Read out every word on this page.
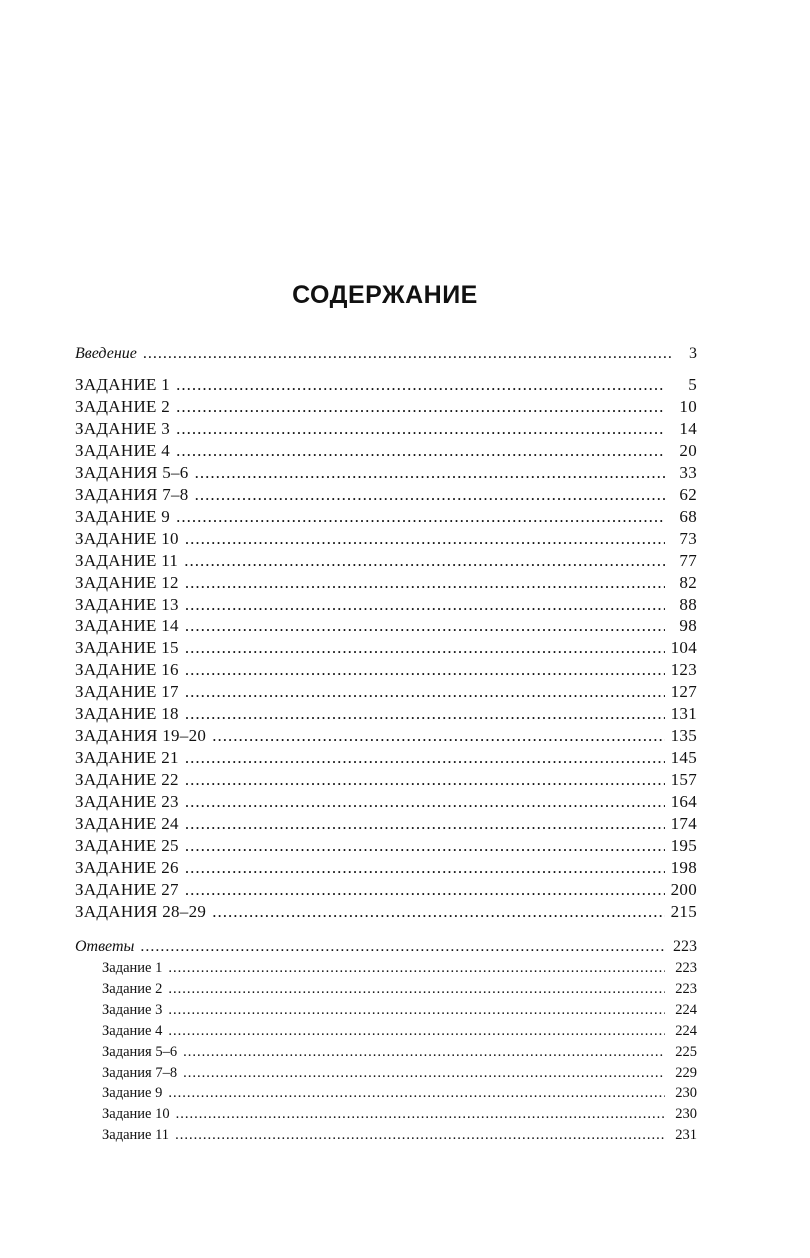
СОДЕРЖАНИЕ
Введение .....	3
ЗАДАНИЕ 1 .....	5
ЗАДАНИЕ 2 .....	10
ЗАДАНИЕ 3 .....	14
ЗАДАНИЕ 4 .....	20
ЗАДАНИЯ 5–6 .....	33
ЗАДАНИЯ 7–8 .....	62
ЗАДАНИЕ 9 .....	68
ЗАДАНИЕ 10 .....	73
ЗАДАНИЕ 11 .....	77
ЗАДАНИЕ 12 .....	82
ЗАДАНИЕ 13 .....	88
ЗАДАНИЕ 14 .....	98
ЗАДАНИЕ 15 .....	104
ЗАДАНИЕ 16 .....	123
ЗАДАНИЕ 17 .....	127
ЗАДАНИЕ 18 .....	131
ЗАДАНИЯ 19–20 .....	135
ЗАДАНИЕ 21 .....	145
ЗАДАНИЕ 22 .....	157
ЗАДАНИЕ 23 .....	164
ЗАДАНИЕ 24 .....	174
ЗАДАНИЕ 25 .....	195
ЗАДАНИЕ 26 .....	198
ЗАДАНИЕ 27 .....	200
ЗАДАНИЯ 28–29 .....	215
Ответы .....	223
Задание 1 .....	223
Задание 2 .....	223
Задание 3 .....	224
Задание 4 .....	224
Задания 5–6 .....	225
Задания 7–8 .....	229
Задание 9 .....	230
Задание 10 .....	230
Задание 11 .....	231
